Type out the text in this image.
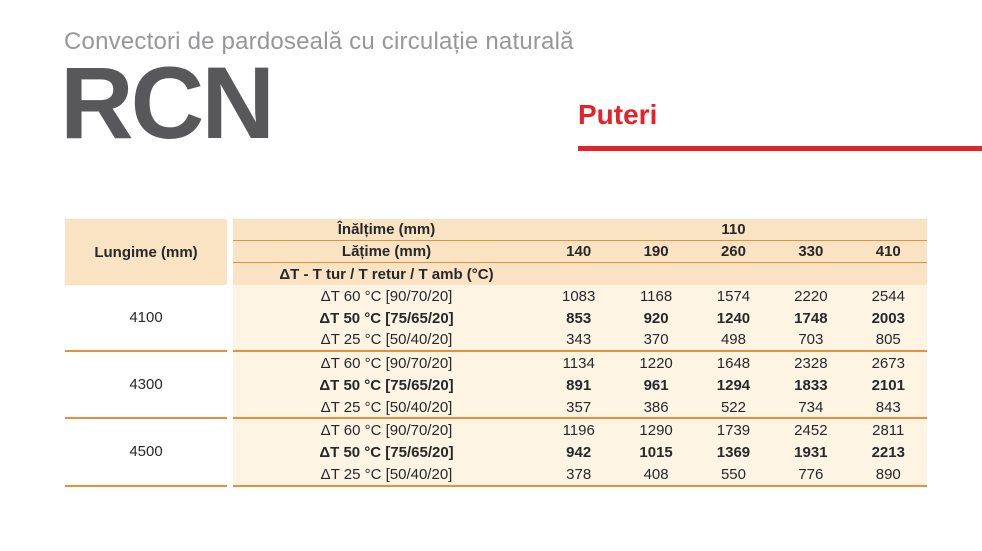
Convectori de pardoseală cu circulație naturală
RCN	Puteri
Lungime (mm)
Înălțime (mm)	110
Lățime (mm)	140	190	260	330	410
ΔT - T tur / T retur / T amb (°C)
4100
ΔT 60 °C [90/70/20]	1083	1168	1574	2220	2544
ΔT 50 °C [75/65/20]	853	920	1240	1748	2003
ΔT 25 °C [50/40/20]	343	370	498	703	805
4300
ΔT 60 °C [90/70/20]	1134	1220	1648	2328	2673
ΔT 50 °C [75/65/20]	891	961	1294	1833	2101
ΔT 25 °C [50/40/20]	357	386	522	734	843
4500
ΔT 60 °C [90/70/20]	1196	1290	1739	2452	2811
ΔT 50 °C [75/65/20]	942	1015	1369	1931	2213
ΔT 25 °C [50/40/20]	378	408	550	776	890
